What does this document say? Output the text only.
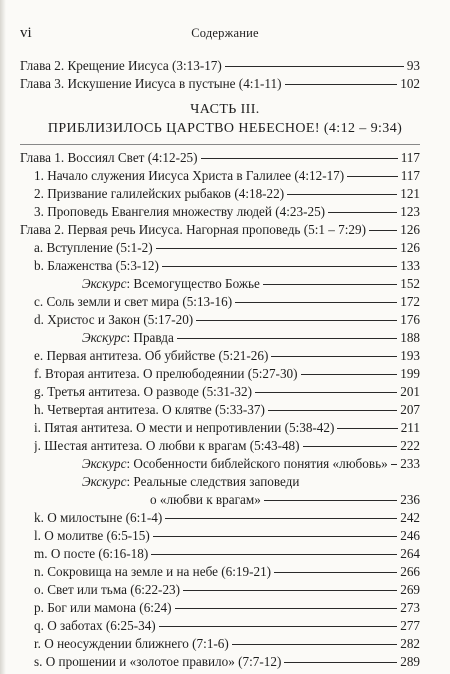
vi	Содержание
Глава 2. Крещение Иисуса (3:13-17)	93
Глава 3. Искушение Иисуса в пустыне (4:1-11)	102
ЧАСТЬ III.
ПРИБЛИЗИЛОСЬ ЦАРСТВО НЕБЕСНОЕ! (4:12 – 9:34)
Глава 1. Воссиял Свет (4:12-25)	117
1. Начало служения Иисуса Христа в Галилее (4:12-17)	117
2. Призвание галилейских рыбаков (4:18-22)	121
3. Проповедь Евангелия множеству людей (4:23-25)	123
Глава 2. Первая речь Иисуса. Нагорная проповедь (5:1 – 7:29)	126
a. Вступление (5:1-2)	126
b. Блаженства (5:3-12)	133
Экскурс: Всемогущество Божье	152
c. Соль земли и свет мира (5:13-16)	172
d. Христос и Закон (5:17-20)	176
Экскурс: Правда	188
e. Первая антитеза. Об убийстве (5:21-26)	193
f. Вторая антитеза. О прелюбодеянии (5:27-30)	199
g. Третья антитеза. О разводе (5:31-32)	201
h. Четвертая антитеза. О клятве (5:33-37)	207
i. Пятая антитеза. О мести и непротивлении (5:38-42)	211
j. Шестая антитеза. О любви к врагам (5:43-48)	222
Экскурс: Особенности библейского понятия «любовь» 233
Экскурс: Реальные следствия заповеди
о «любви к врагам»	236
k. О милостыне (6:1-4)	242
l. О молитве (6:5-15)	246
m. О посте (6:16-18)	264
n. Сокровища на земле и на небе (6:19-21)	266
o. Свет или тьма (6:22-23)	269
p. Бог или мамона (6:24)	273
q. О заботах (6:25-34)	277
r. О неосуждении ближнего (7:1-6)	282
s. О прошении и «золотое правило» (7:7-12)	289
